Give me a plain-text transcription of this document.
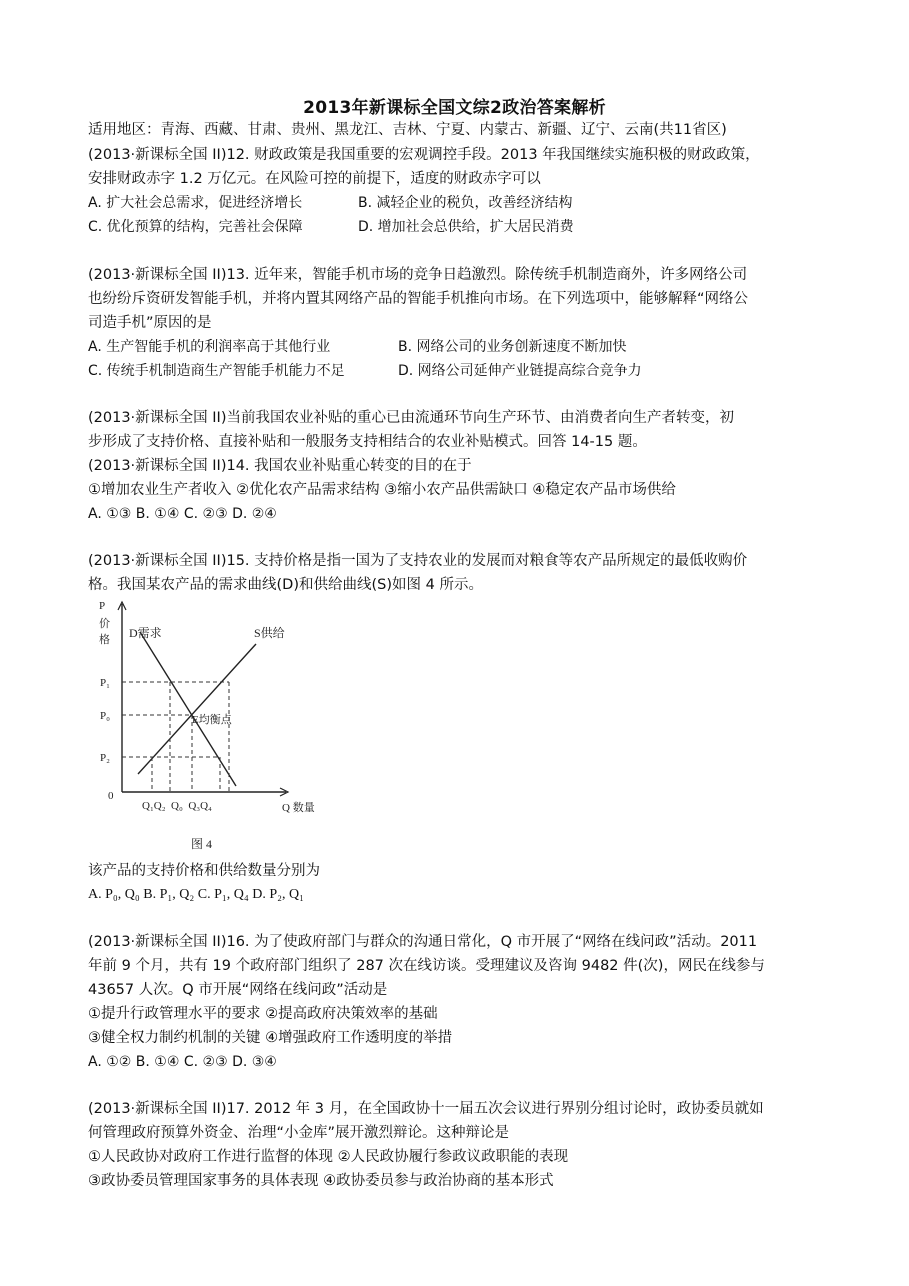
2013年新课标全国文综2政治答案解析
适用地区：青海、西藏、甘肃、贵州、黑龙江、吉林、宁夏、内蒙古、新疆、辽宁、云南(共11省区)
(2013·新课标全国 II)12. 财政政策是我国重要的宏观调控手段。2013 年我国继续实施积极的财政政策，
安排财政赤字 1.2 万亿元。在风险可控的前提下，适度的财政赤字可以
A. 扩大社会总需求，促进经济增长	B. 减轻企业的税负，改善经济结构
C. 优化预算的结构，完善社会保障	D. 增加社会总供给，扩大居民消费
(2013·新课标全国 II)13. 近年来，智能手机市场的竞争日趋激烈。除传统手机制造商外，许多网络公司
也纷纷斥资研发智能手机，并将内置其网络产品的智能手机推向市场。在下列选项中，能够解释“网络公
司造手机”原因的是
A. 生产智能手机的利润率高于其他行业	B. 网络公司的业务创新速度不断加快
C. 传统手机制造商生产智能手机能力不足	D. 网络公司延伸产业链提高综合竞争力
(2013·新课标全国 II)当前我国农业补贴的重心已由流通环节向生产环节、由消费者向生产者转变，初
步形成了支持价格、直接补贴和一般服务支持相结合的农业补贴模式。回答 14-15 题。
(2013·新课标全国 II)14. 我国农业补贴重心转变的目的在于
①增加农业生产者收入 ②优化农产品需求结构 ③缩小农产品供需缺口 ④稳定农产品市场供给
A. ①③ B. ①④ C. ②③ D. ②④
(2013·新课标全国 II)15. 支持价格是指一国为了支持农业的发展而对粮食等农产品所规定的最低收购价
格。我国某农产品的需求曲线(D)和供给曲线(S)如图 4 所示。
P
价
格 D需求	S供给
E均衡点
P₁
P₀
P₂
0
Q₁Q₂  Q₀  Q₃Q₄	Q 数量
图 4
该产品的支持价格和供给数量分别为
A. P₀, Q₀ B. P₁, Q₂ C. P₁, Q₄ D. P₂, Q₁
(2013·新课标全国 II)16. 为了使政府部门与群众的沟通日常化，Q 市开展了“网络在线问政”活动。2011
年前 9 个月，共有 19 个政府部门组织了 287 次在线访谈。受理建议及咨询 9482 件(次)，网民在线参与
43657 人次。Q 市开展“网络在线问政”活动是
①提升行政管理水平的要求 ②提高政府决策效率的基础
③健全权力制约机制的关键 ④增强政府工作透明度的举措
A. ①② B. ①④ C. ②③ D. ③④
(2013·新课标全国 II)17. 2012 年 3 月，在全国政协十一届五次会议进行界别分组讨论时，政协委员就如
何管理政府预算外资金、治理“小金库”展开激烈辩论。这种辩论是
①人民政协对政府工作进行监督的体现 ②人民政协履行参政议政职能的表现
③政协委员管理国家事务的具体表现 ④政协委员参与政治协商的基本形式
